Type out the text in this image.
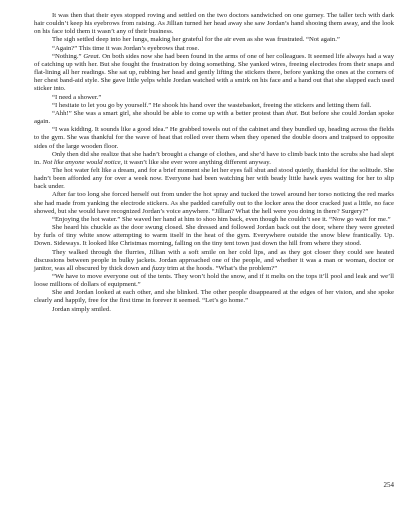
It was then that their eyes stopped roving and settled on the two doctors sandwiched on one gurney. The taller tech with dark hair couldn’t keep his eyebrows from raising. As Jillian turned her head away she saw Jordan’s hand shooing them away, and the look on his face told them it wasn’t any of their business.

The sigh settled deep into her lungs, making her grateful for the air even as she was frustrated. “Not again.”

“Again?” This time it was Jordan’s eyebrows that rose.

“Nothing.” Great. On both sides now she had been found in the arms of one of her colleagues. It seemed life always had a way of catching up with her. But she fought the frustration by doing something. She yanked wires, freeing electrodes from their snaps and flat-lining all her readings. She sat up, rubbing her head and gently lifting the stickers there, before yanking the ones at the corners of her chest band-aid style. She gave little yelps while Jordan watched with a smirk on his face and a hand out that she slapped each used sticker into.

“I need a shower.”

“I hesitate to let you go by yourself.” He shook his hand over the wastebasket, freeing the stickers and letting them fall.

“Ahh!” She was a smart girl, she should be able to come up with a better protest than that. But before she could Jordan spoke again.

“I was kidding. It sounds like a good idea.” He grabbed towels out of the cabinet and they bundled up, heading across the fields to the gym. She was thankful for the wave of heat that rolled over them when they opened the double doors and traipsed to opposite sides of the large wooden floor.

Only then did she realize that she hadn’t brought a change of clothes, and she’d have to climb back into the scrubs she had slept in. Not like anyone would notice, it wasn’t like she ever wore anything different anyway.

The hot water felt like a dream, and for a brief moment she let her eyes fall shut and stood quietly, thankful for the solitude. She hadn’t been afforded any for over a week now. Everyone had been watching her with beady little hawk eyes waiting for her to slip back under.

After far too long she forced herself out from under the hot spray and tucked the towel around her torso noticing the red marks she had made from yanking the electrode stickers. As she padded carefully out to the locker area the door cracked just a little, no face showed, but she would have recognized Jordan’s voice anywhere. “Jillian? What the hell were you doing in there? Surgery?”

“Enjoying the hot water.” She waved her hand at him to shoo him back, even though he couldn’t see it. “Now go wait for me.”

She heard his chuckle as the door swung closed. She dressed and followed Jordan back out the door, where they were greeted by furls of tiny white snow attempting to warm itself in the heat of the gym. Everywhere outside the snow blew frantically. Up. Down. Sideways. It looked like Christmas morning, falling on the tiny tent town just down the hill from where they stood.

They walked through the flurries, Jillian with a soft smile on her cold lips, and as they got closer they could see heated discussions between people in bulky jackets. Jordan approached one of the people, and whether it was a man or woman, doctor or janitor, was all obscured by thick down and fuzzy trim at the hoods. “What’s the problem?”

“We have to move everyone out of the tents. They won’t hold the snow, and if it melts on the tops it’ll pool and leak and we’ll loose millions of dollars of equipment.”

She and Jordan looked at each other, and she blinked. The other people disappeared at the edges of her vision, and she spoke clearly and happily, free for the first time in forever it seemed. “Let’s go home.”

Jordan simply smiled.

254
